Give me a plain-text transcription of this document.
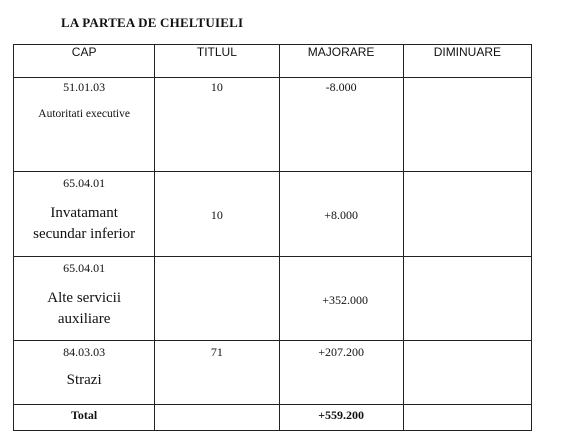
LA PARTEA DE CHELTUIELI
CAP	TITLUL	MAJORARE	DIMINUARE

51.01.03
Autoritati executive	10	-8.000	

65.04.01
Invatamant
secundar inferior	10	+8.000	

65.04.01
Alte servicii
auxiliare		+352.000	

84.03.03
Strazi	71	+207.200	

Total		+559.200	
